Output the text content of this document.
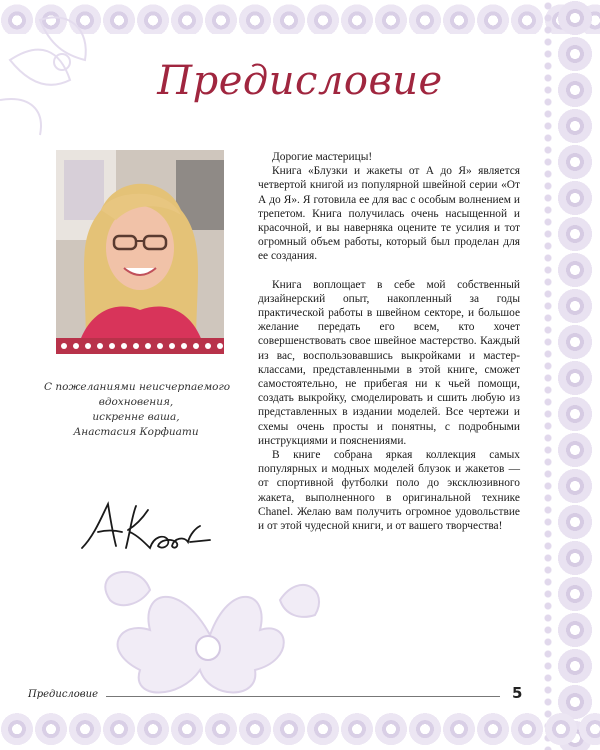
Предисловие
С пожеланиями неисчерпаемого
вдохновения,
искренне ваша,
Анастасия Корфиати

Дорогие мастерицы!

Книга «Блузки и жакеты от А до Я» является четвертой книгой из популярной швейной серии «От А до Я». Я готовила ее для вас с особым волнением и трепетом. Книга получилась очень насыщенной и красочной, и вы наверняка оцените те усилия и тот огромный объем работы, который был проделан для ее создания.

Книга воплощает в себе мой собственный дизайнерский опыт, накопленный за годы практической работы в швейном секторе, и большое желание передать его всем, кто хочет совершенствовать свое швейное мастерство. Каждый из вас, воспользовавшись выкройками и мастер-классами, представленными в этой книге, сможет самостоятельно, не прибегая ни к чьей помощи, создать выкройку, смоделировать и сшить любую из представленных в издании моделей. Все чертежи и схемы очень просты и понятны, с подробными инструкциями и пояснениями.

В книге собрана яркая коллекция самых популярных и модных моделей блузок и жакетов — от спортивной футболки поло до эксклюзивного жакета, выполненного в оригинальной технике Chanel. Желаю вам получить огромное удовольствие и от этой чудесной книги, и от вашего творчества!

Предисловие	5
